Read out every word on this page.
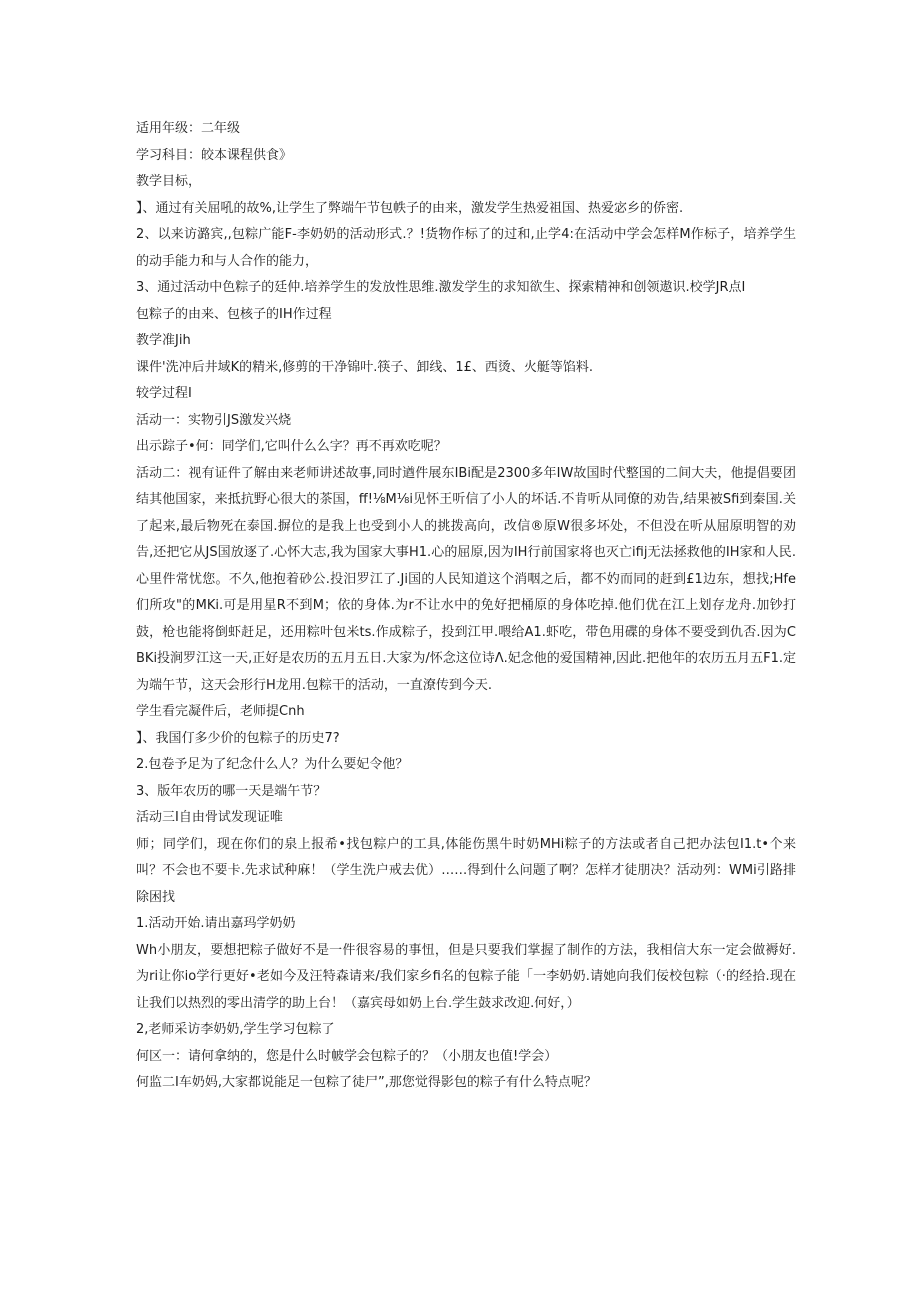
适用年级：二年级

学习科目：皎本课程供食》

教学目标，

】、通过有关屈吼的故%,让学生了弊端午节包帙子的由来，激发学生热爱祖国、热爱宓乡的侨密.

2、以来访潞宾,,包粽广能F-李奶奶的活动形式.？!货物作标了的过和,止学4:在活动中学会怎样M作标子，培养学生的动手能力和与人合作的能力，

3、通过活动中色粽子的廷仲.培养学生的发放性思维.激发学生的求知欲生、探索精神和创领遨识.校学JR点I

包粽子的由来、包核子的IH作过程

教学准Jih

课件'洗冲后井域K的精米,修剪的干净锦叶.筷子、卸线、1£、西烫、火艇等馅料.

较学过程I

活动一：实物引JS激发兴烧

出示踪子•何：同学们,它叫什么么字？再不再欢吃呢？

活动二：视有证件了解由来老师讲述故事,同时遒件展东IBi配是2300多年IW故国时代整国的二间大夫，他提倡要团结其他国家，来抵抗野心很大的茶国，ff!⅛M⅛i见怀王听信了小人的坏话.不肯听从同僚的劝告,结果被Sfi到秦国.关了起来,最后物死在泰国.摒位的是我上也受到小人的挑拨高向，改信®原W很多坏处，不但没在听从屈原明智的劝告,还把它从JS国放逐了.心怀大志,我为国家大事H1.心的屈原,因为IH行前国家将也灭亡ifij无法拯救他的IH家和人民.心里件常忧您。不久,他抱着砂公.投汨罗江了.Ji国的人民知道这个消咽之后，都不妁而同的赶到£1边东，想找;Hfe们所攻"的MKi.可是用星R不到M；依的身体.为r不让水中的免好把桶原的身体吃掉.他们优在江上划存龙舟.加钞打鼓，枪也能将倒虾赶足，还用粽叶包米ts.作成粽子，投到江甲.喂给A1.虾吃，带色用碟的身体不要受到仇否.因为CBKi投涧罗江这一天,正好是农历的五月五日.大家为/怀念这位诗Λ.妃念他的爱国精神,因此.把他年的农历五月五F1.定为端午节，这天会形行H龙用.包粽干的活动，一直潦传到今天.

学生看完凝件后，老师提Cnh

】、我国仃多少价的包粽子的历史7?

2.包卷予足为了纪念什么人？为什么要妃令他？

3、版年农历的哪一天是端午节？

活动三I自由骨试发现证唯

师；同学们，现在你们的泉上报希•找包粽户的工具,体能伤黑牛时奶MHi粽子的方法或者自己把办法包I1.t•个来叫？不会也不要卡.先求试种麻！（学生洗户戒去优）……得到什么问题了啊？怎样才徒朋决？活动列：WMi引路排除困找

1.活动开始.请出嘉玛学奶奶

Wh小朋友，要想把粽子做好不是一件很容易的事忸，但是只要我们掌握了制作的方法，我相信大东一定会做褥好.为ri让你io学行更好•老如今及汪特森请来/我们家乡fi名的包粽子能「一李奶奶.请她向我们佞校包粽（·的经拾.现在让我们以热烈的零出清学的助上台！（嘉宾母如奶上台.学生鼓求改迎.何好，）

2,老师采访李奶奶,学生学习包粽了

何区一：请何拿纳的，您是什么时帔学会包粽子的？（小朋友也值!学会）

何监二I车奶妈,大家都说能足一包粽了徒尸”,那您觉得影包的粽子有什么特点呢？
